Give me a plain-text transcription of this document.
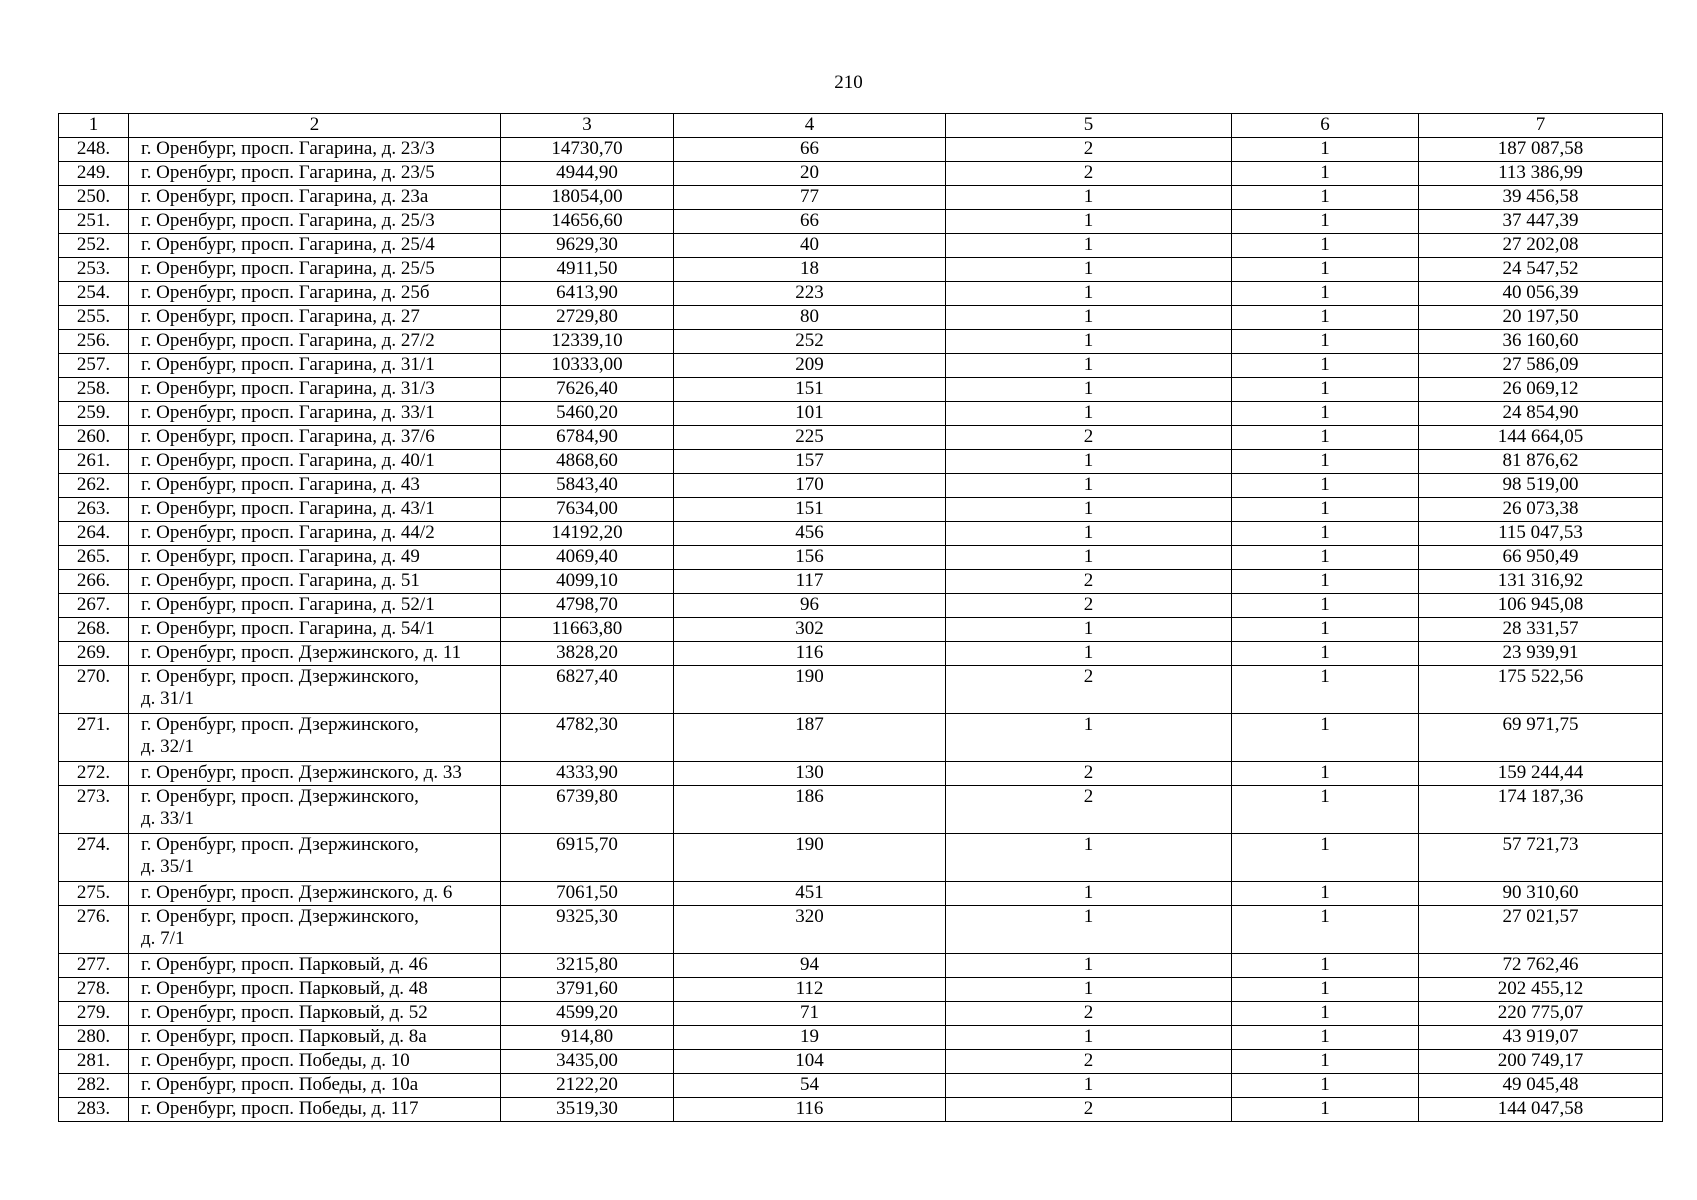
210
1	2	3	4	5	6	7
248.	г. Оренбург, просп. Гагарина, д. 23/3	14730,70	66	2	1	187 087,58
249.	г. Оренбург, просп. Гагарина, д. 23/5	4944,90	20	2	1	113 386,99
250.	г. Оренбург, просп. Гагарина, д. 23а	18054,00	77	1	1	39 456,58
251.	г. Оренбург, просп. Гагарина, д. 25/3	14656,60	66	1	1	37 447,39
252.	г. Оренбург, просп. Гагарина, д. 25/4	9629,30	40	1	1	27 202,08
253.	г. Оренбург, просп. Гагарина, д. 25/5	4911,50	18	1	1	24 547,52
254.	г. Оренбург, просп. Гагарина, д. 25б	6413,90	223	1	1	40 056,39
255.	г. Оренбург, просп. Гагарина, д. 27	2729,80	80	1	1	20 197,50
256.	г. Оренбург, просп. Гагарина, д. 27/2	12339,10	252	1	1	36 160,60
257.	г. Оренбург, просп. Гагарина, д. 31/1	10333,00	209	1	1	27 586,09
258.	г. Оренбург, просп. Гагарина, д. 31/3	7626,40	151	1	1	26 069,12
259.	г. Оренбург, просп. Гагарина, д. 33/1	5460,20	101	1	1	24 854,90
260.	г. Оренбург, просп. Гагарина, д. 37/6	6784,90	225	2	1	144 664,05
261.	г. Оренбург, просп. Гагарина, д. 40/1	4868,60	157	1	1	81 876,62
262.	г. Оренбург, просп. Гагарина, д. 43	5843,40	170	1	1	98 519,00
263.	г. Оренбург, просп. Гагарина, д. 43/1	7634,00	151	1	1	26 073,38
264.	г. Оренбург, просп. Гагарина, д. 44/2	14192,20	456	1	1	115 047,53
265.	г. Оренбург, просп. Гагарина, д. 49	4069,40	156	1	1	66 950,49
266.	г. Оренбург, просп. Гагарина, д. 51	4099,10	117	2	1	131 316,92
267.	г. Оренбург, просп. Гагарина, д. 52/1	4798,70	96	2	1	106 945,08
268.	г. Оренбург, просп. Гагарина, д. 54/1	11663,80	302	1	1	28 331,57
269.	г. Оренбург, просп. Дзержинского, д. 11	3828,20	116	1	1	23 939,91
270.	г. Оренбург, просп. Дзержинского,
д. 31/1	6827,40	190	2	1	175 522,56
271.	г. Оренбург, просп. Дзержинского,
д. 32/1	4782,30	187	1	1	69 971,75
272.	г. Оренбург, просп. Дзержинского, д. 33	4333,90	130	2	1	159 244,44
273.	г. Оренбург, просп. Дзержинского,
д. 33/1	6739,80	186	2	1	174 187,36
274.	г. Оренбург, просп. Дзержинского,
д. 35/1	6915,70	190	1	1	57 721,73
275.	г. Оренбург, просп. Дзержинского, д. 6	7061,50	451	1	1	90 310,60
276.	г. Оренбург, просп. Дзержинского,
д. 7/1	9325,30	320	1	1	27 021,57
277.	г. Оренбург, просп. Парковый, д. 46	3215,80	94	1	1	72 762,46
278.	г. Оренбург, просп. Парковый, д. 48	3791,60	112	1	1	202 455,12
279.	г. Оренбург, просп. Парковый, д. 52	4599,20	71	2	1	220 775,07
280.	г. Оренбург, просп. Парковый, д. 8а	914,80	19	1	1	43 919,07
281.	г. Оренбург, просп. Победы, д. 10	3435,00	104	2	1	200 749,17
282.	г. Оренбург, просп. Победы, д. 10а	2122,20	54	1	1	49 045,48
283.	г. Оренбург, просп. Победы, д. 117	3519,30	116	2	1	144 047,58
